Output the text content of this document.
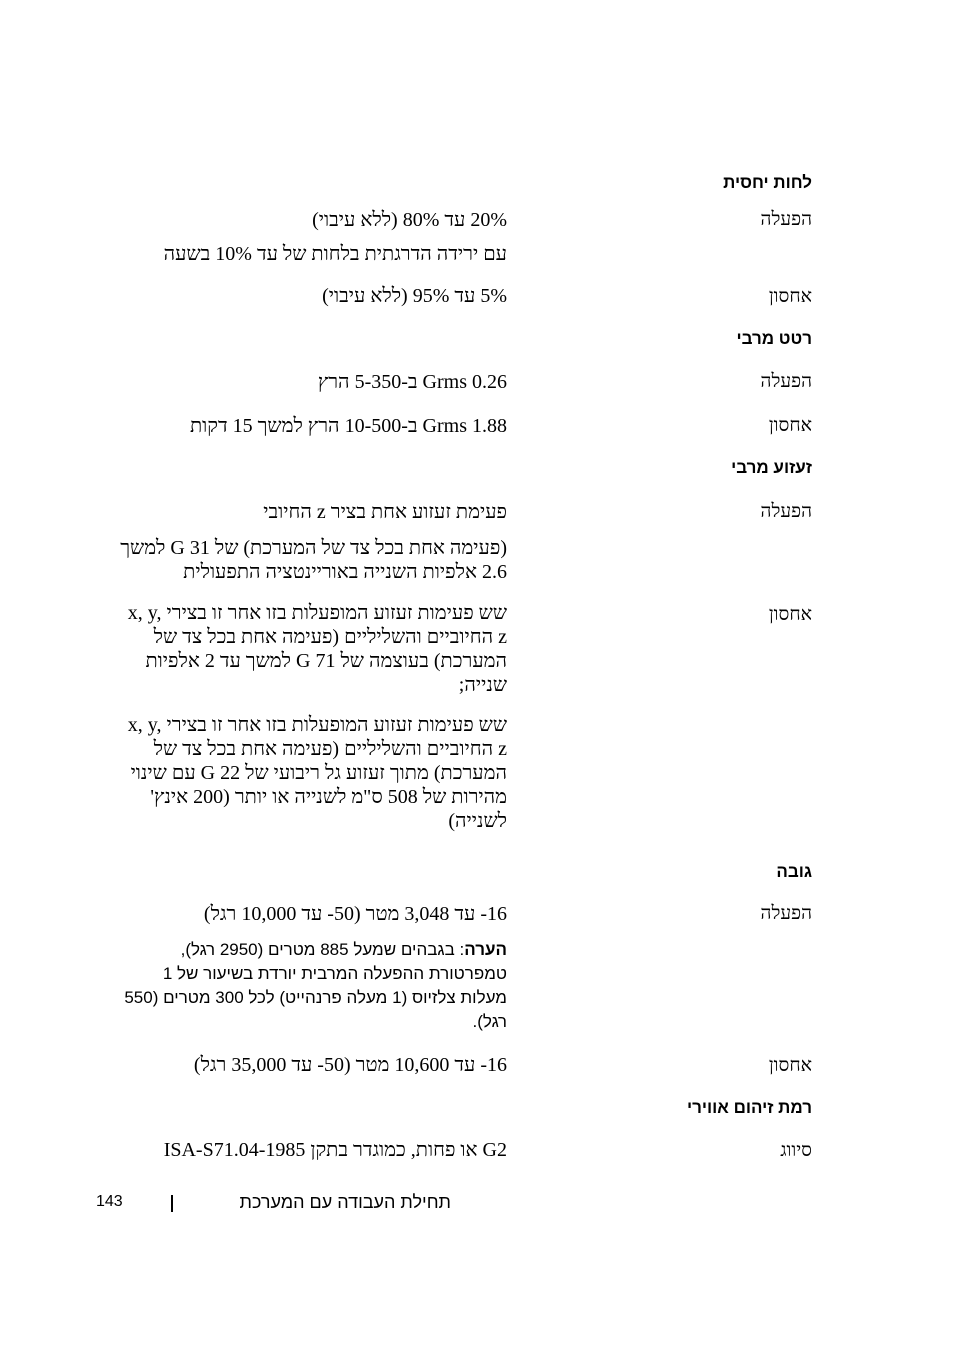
לחות יחסית
הפעלה
20% עד 80% (ללא עיבוי)
עם ירידה הדרגתית בלחות של עד 10% בשעה
אחסון
5% עד 95% (ללא עיבוי)
רטט מרבי
הפעלה
0.26 Grms ב-5-350 הרץ
אחסון
1.88 Grms ב-10-500 הרץ למשך 15 דקות
זעזוע מרבי
הפעלה
פעימת זעזוע אחת בציר z החיובי
(פעימה אחת בכל צד של המערכת) של 31 G למשך 2.6 אלפיות השנייה באוריינטציה התפעולית
אחסון
שש פעימות זעזוע המופעלות בזו אחר זו בצירי x, y, z החיוביים והשליליים (פעימה אחת בכל צד של המערכת) בעוצמה של 71 G למשך עד 2 אלפיות שנייה;
שש פעימות זעזוע המופעלות בזו אחר זו בצירי x, y, z החיוביים והשליליים (פעימה אחת בכל צד של המערכת) מתוך זעזוע גל ריבועי של 22 G עם שינוי מהירות של 508 ס"מ לשנייה או יותר (200 אינץ' לשנייה)
גובה
הפעלה
16- עד 3,048 מטר (50- עד 10,000 רגל)
הערה: בגבהים שמעל 885 מטרים (2950 רגל), טמפרטורת ההפעלה המרבית יורדת בשיעור של 1 מעלות צלזיוס (1 מעלה פרנהייט) לכל 300 מטרים (550 רגל).
אחסון
16- עד 10,600 מטר (50- עד 35,000 רגל)
רמת זיהום אווירי
סיווג
G2 או פחות, כמוגדר בתקן ISA-S71.04-1985
תחילת העבודה עם המערכת
143
